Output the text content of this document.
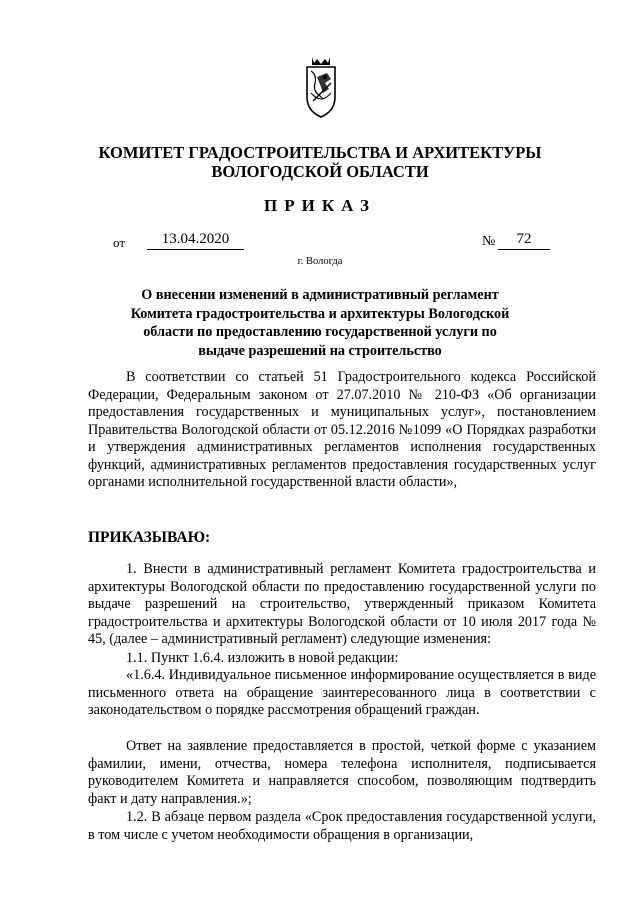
КОМИТЕТ ГРАДОСТРОИТЕЛЬСТВА И АРХИТЕКТУРЫ
ВОЛОГОДСКОЙ ОБЛАСТИ
ПРИКАЗ
от	13.04.2020	№	72
г. Вологда
О внесении изменений в административный регламент Комитета градостроительства и архитектуры Вологодской области по предоставлению государственной услуги по выдаче разрешений на строительство
В соответствии со статьей 51 Градостроительного кодекса Российской Федерации, Федеральным законом от 27.07.2010 № 210-ФЗ «Об организации предоставления государственных и муниципальных услуг», постановлением Правительства Вологодской области от 05.12.2016 №1099 «О Порядках разработки и утверждения административных регламентов исполнения государственных функций, административных регламентов предоставления государственных услуг органами исполнительной государственной власти области»,
ПРИКАЗЫВАЮ:
1. Внести в административный регламент Комитета градостроительства и архитектуры Вологодской области по предоставлению государственной услуги по выдаче разрешений на строительство, утвержденный приказом Комитета градостроительства и архитектуры Вологодской области от 10 июля 2017 года № 45, (далее – административный регламент) следующие изменения:
1.1. Пункт 1.6.4. изложить в новой редакции:
«1.6.4. Индивидуальное письменное информирование осуществляется в виде письменного ответа на обращение заинтересованного лица в соответствии с законодательством о порядке рассмотрения обращений граждан.
Ответ на заявление предоставляется в простой, четкой форме с указанием фамилии, имени, отчества, номера телефона исполнителя, подписывается руководителем Комитета и направляется способом, позволяющим подтвердить факт и дату направления.»;
1.2. В абзаце первом раздела «Срок предоставления государственной услуги, в том числе с учетом необходимости обращения в организации,
